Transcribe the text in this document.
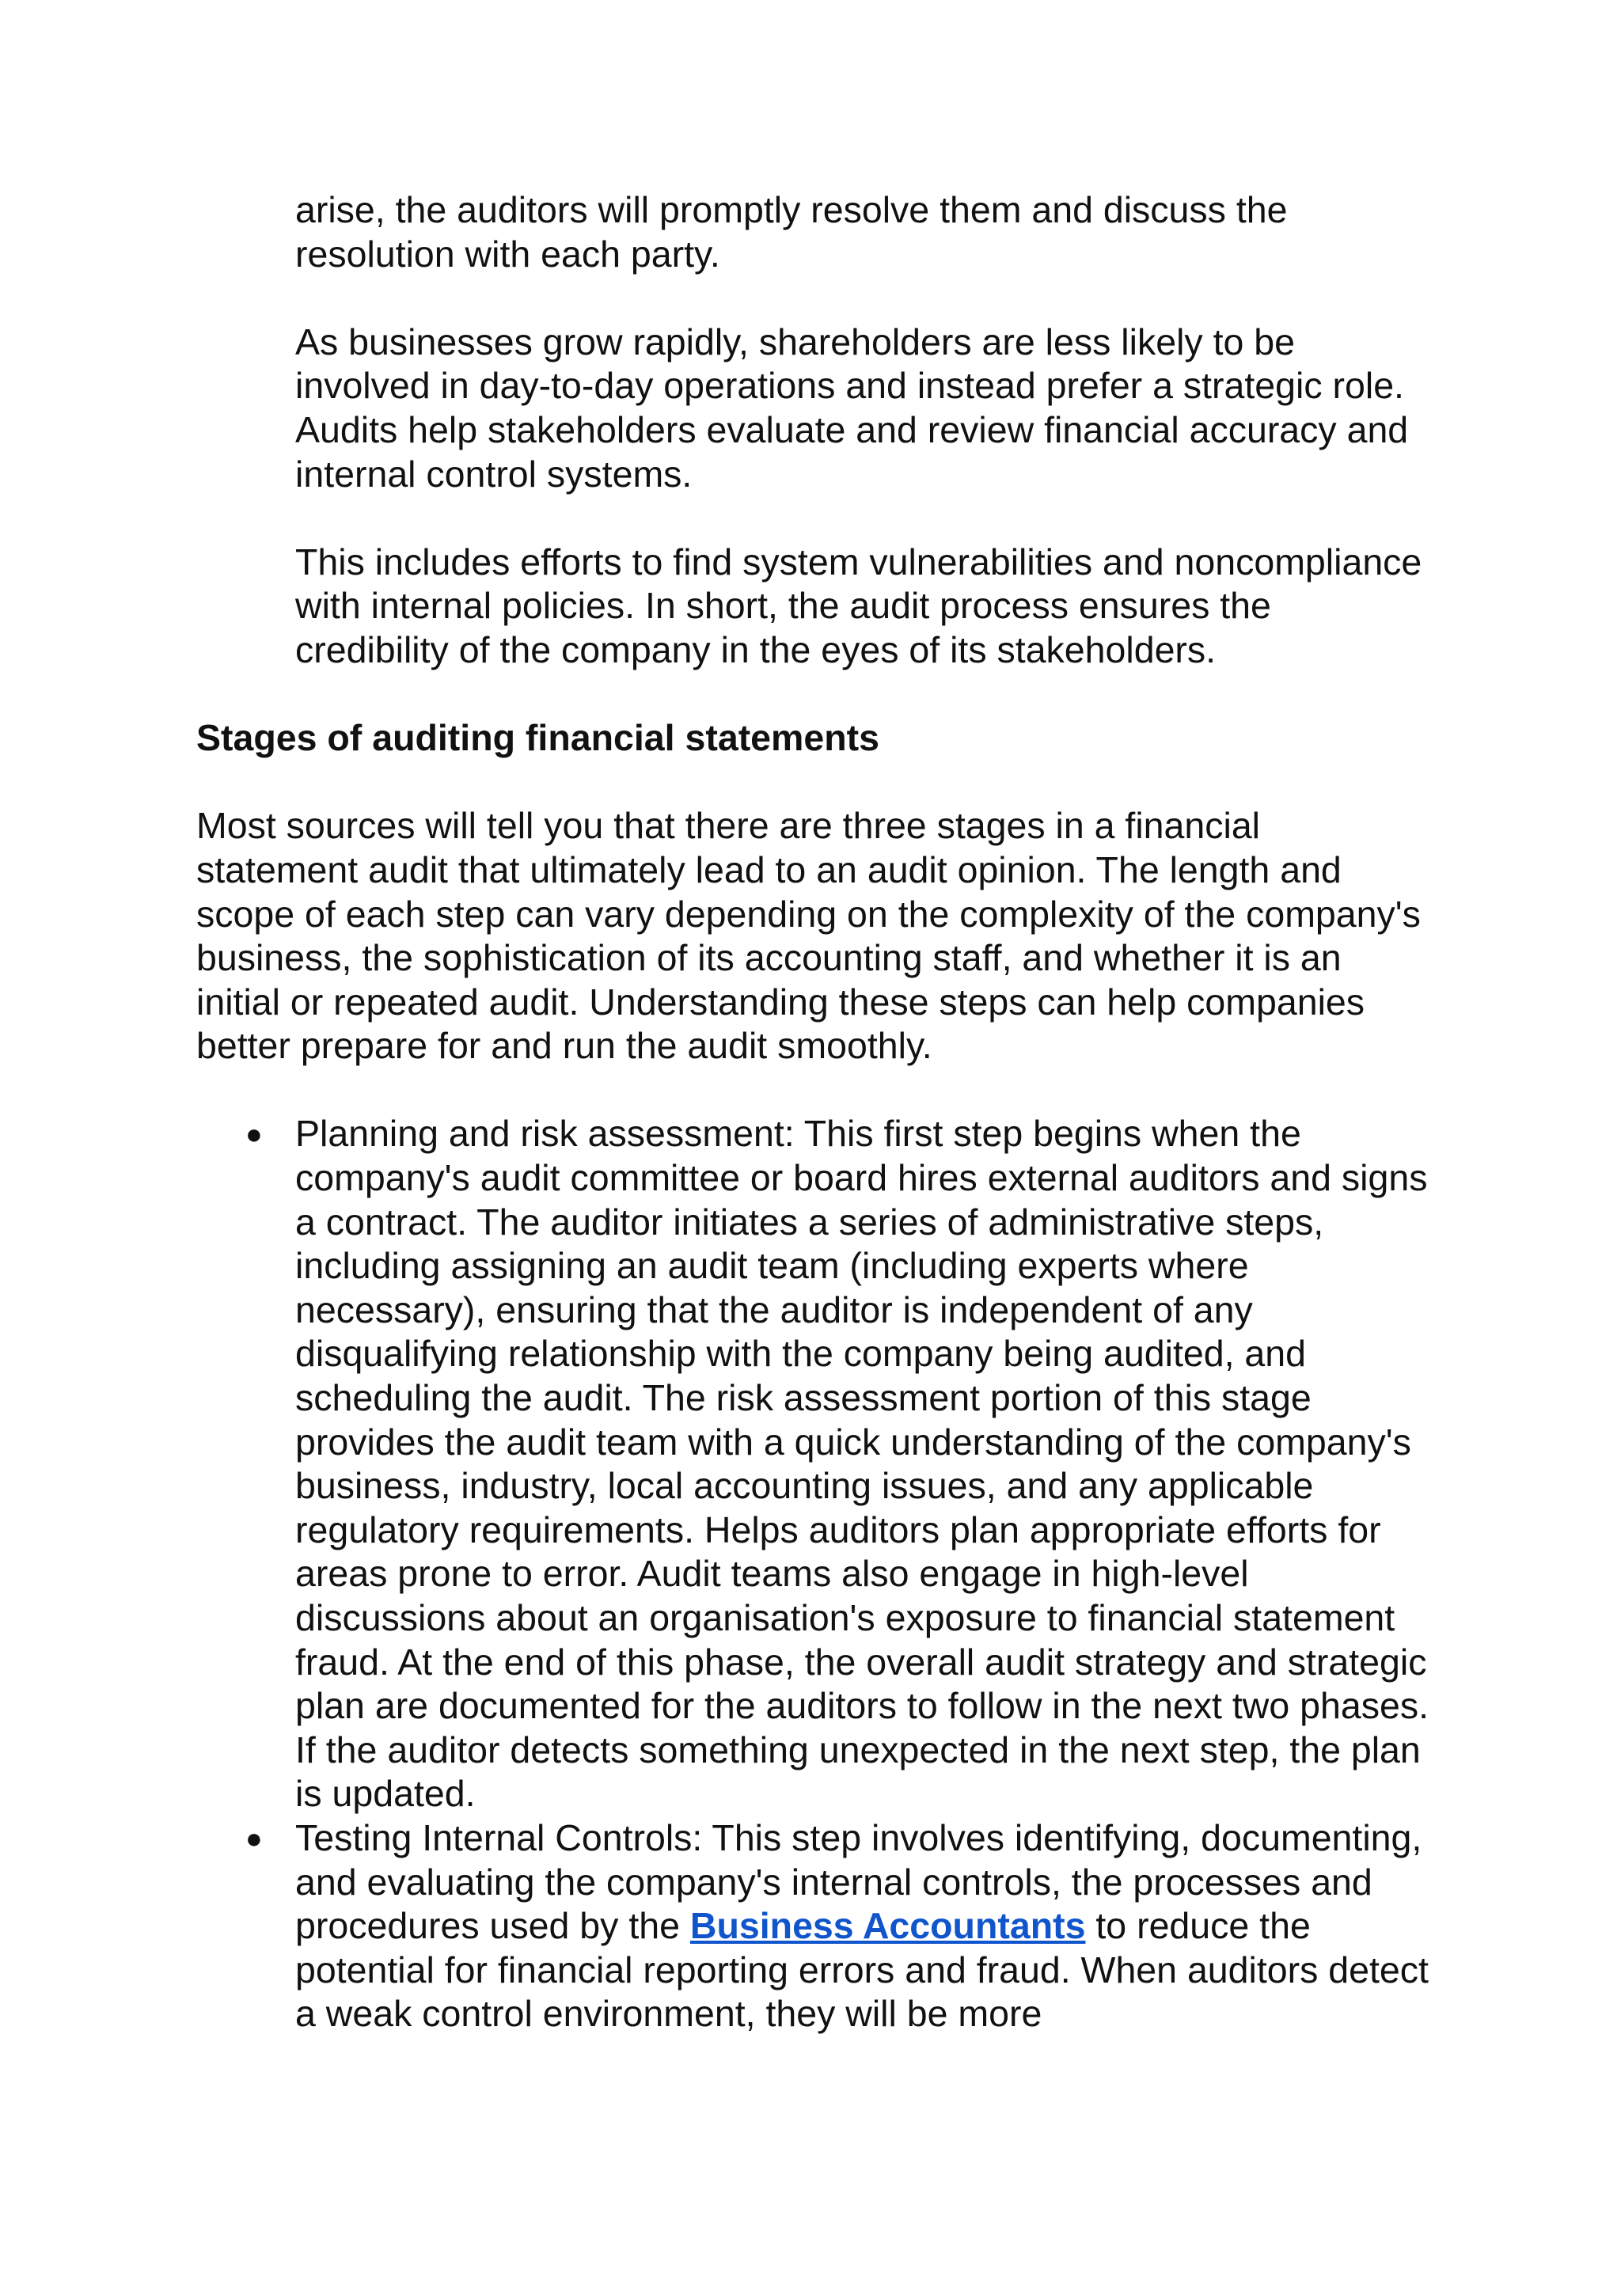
arise, the auditors will promptly resolve them and discuss the resolution with each party.

As businesses grow rapidly, shareholders are less likely to be involved in day-to-day operations and instead prefer a strategic role. Audits help stakeholders evaluate and review financial accuracy and internal control systems.

This includes efforts to find system vulnerabilities and noncompliance with internal policies. In short, the audit process ensures the credibility of the company in the eyes of its stakeholders.

Stages of auditing financial statements

Most sources will tell you that there are three stages in a financial statement audit that ultimately lead to an audit opinion. The length and scope of each step can vary depending on the complexity of the company's business, the sophistication of its accounting staff, and whether it is an initial or repeated audit. Understanding these steps can help companies better prepare for and run the audit smoothly.

● Planning and risk assessment: This first step begins when the company's audit committee or board hires external auditors and signs a contract. The auditor initiates a series of administrative steps, including assigning an audit team (including experts where necessary), ensuring that the auditor is independent of any disqualifying relationship with the company being audited, and scheduling the audit. The risk assessment portion of this stage provides the audit team with a quick understanding of the company's business, industry, local accounting issues, and any applicable regulatory requirements. Helps auditors plan appropriate efforts for areas prone to error. Audit teams also engage in high-level discussions about an organisation's exposure to financial statement fraud. At the end of this phase, the overall audit strategy and strategic plan are documented for the auditors to follow in the next two phases. If the auditor detects something unexpected in the next step, the plan is updated.
● Testing Internal Controls: This step involves identifying, documenting, and evaluating the company's internal controls, the processes and procedures used by the Business Accountants to reduce the potential for financial reporting errors and fraud. When auditors detect a weak control environment, they will be more
